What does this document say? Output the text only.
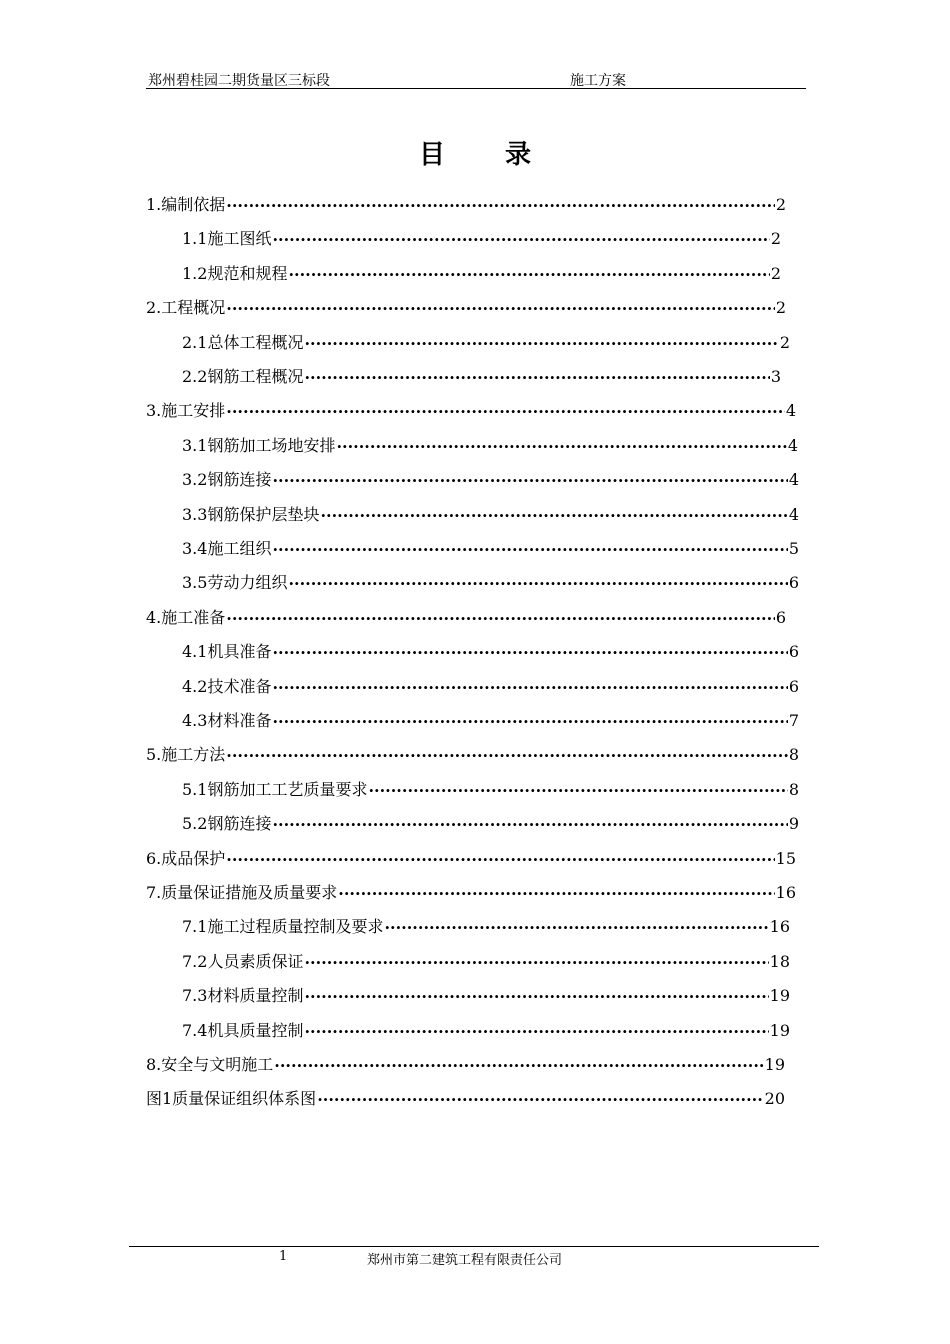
郑州碧桂园二期货量区三标段	施工方案
目录
1.编制依据 ·····	2
1.1施工图纸 ·····	2
1.2规范和规程 ·····	2
2.工程概况 ·····	2
2.1总体工程概况 ·····	2
2.2钢筋工程概况 ·····	3
3.施工安排 ·····	4
3.1钢筋加工场地安排 ·····	4
3.2钢筋连接 ·····	4
3.3钢筋保护层垫块 ·····	4
3.4施工组织 ·····	5
3.5劳动力组织 ·····	6
4.施工准备 ·····	6
4.1机具准备 ·····	6
4.2技术准备 ·····	6
4.3材料准备 ·····	7
5.施工方法 ·····	8
5.1钢筋加工工艺质量要求 ·····	8
5.2钢筋连接 ·····	9
6.成品保护 ·····	15
7.质量保证措施及质量要求 ·····	16
7.1施工过程质量控制及要求 ·····	16
7.2人员素质保证 ·····	18
7.3材料质量控制 ·····	19
7.4机具质量控制 ·····	19
8.安全与文明施工 ·····	19
图1质量保证组织体系图 ·····	20
1	郑州市第二建筑工程有限责任公司
